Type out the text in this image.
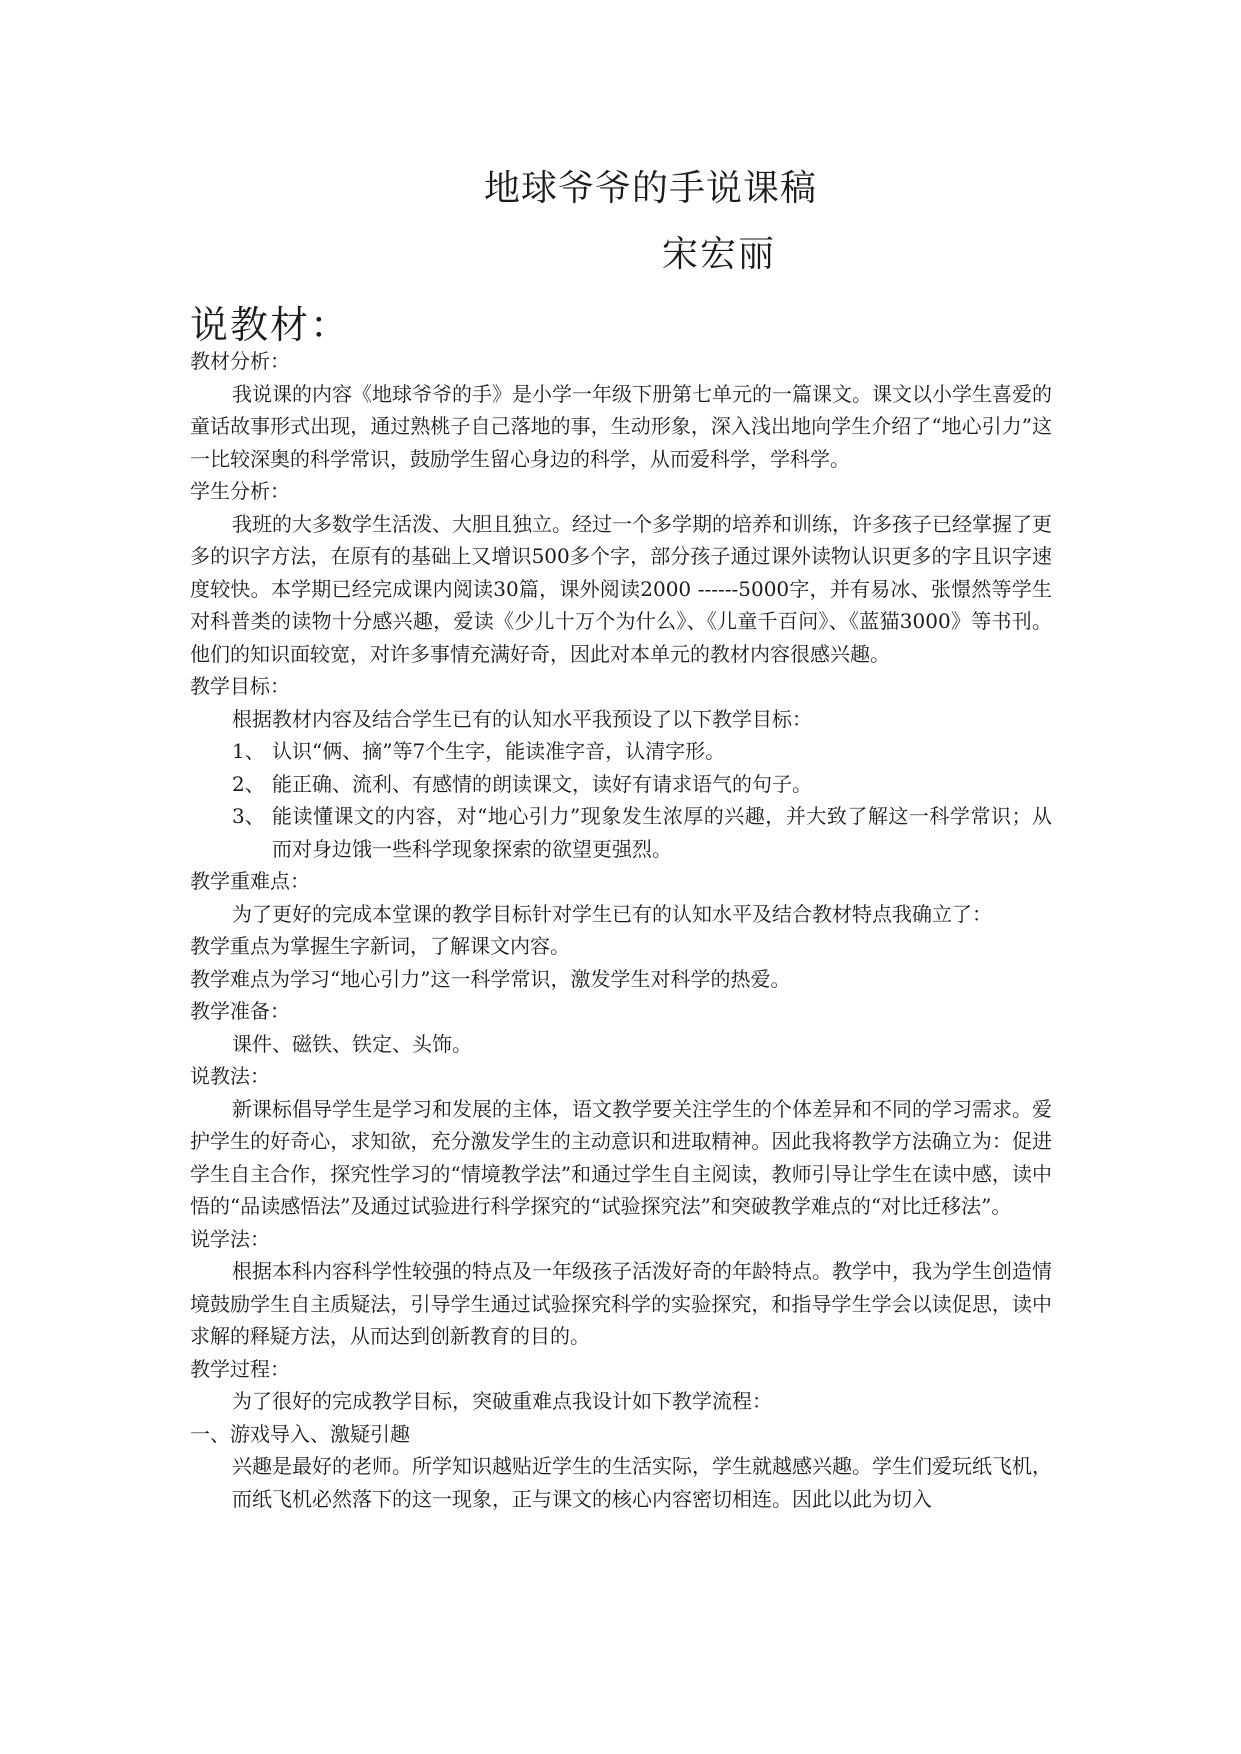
地球爷爷的手说课稿
宋宏丽
说教材：

教材分析：

我说课的内容《地球爷爷的手》是小学一年级下册第七单元的一篇课文。课文以小学生喜爱的童话故事形式出现，通过熟桃子自己落地的事，生动形象，深入浅出地向学生介绍了“地心引力”这一比较深奥的科学常识，鼓励学生留心身边的科学，从而爱科学，学科学。

学生分析：

我班的大多数学生活泼、大胆且独立。经过一个多学期的培养和训练，许多孩子已经掌握了更多的识字方法，在原有的基础上又增识500多个字，部分孩子通过课外读物认识更多的字且识字速度较快。本学期已经完成课内阅读30篇，课外阅读2000 ------5000字，并有易冰、张憬然等学生对科普类的读物十分感兴趣，爱读《少儿十万个为什么》、《儿童千百问》、《蓝猫3000》等书刊。他们的知识面较宽，对许多事情充满好奇，因此对本单元的教材内容很感兴趣。

教学目标：

根据教材内容及结合学生已有的认知水平我预设了以下教学目标：

1、 认识“俩、摘”等7个生字，能读准字音，认清字形。
2、 能正确、流利、有感情的朗读课文，读好有请求语气的句子。
3、 能读懂课文的内容，对“地心引力”现象发生浓厚的兴趣，并大致了解这一科学常识；从而对身边饿一些科学现象探索的欲望更强烈。

教学重难点：

为了更好的完成本堂课的教学目标针对学生已有的认知水平及结合教材特点我确立了：

教学重点为掌握生字新词，了解课文内容。

教学难点为学习“地心引力”这一科学常识，激发学生对科学的热爱。

教学准备：

课件、磁铁、铁定、头饰。

说教法：

新课标倡导学生是学习和发展的主体，语文教学要关注学生的个体差异和不同的学习需求。爱护学生的好奇心，求知欲，充分激发学生的主动意识和进取精神。因此我将教学方法确立为：促进学生自主合作，探究性学习的“情境教学法”和通过学生自主阅读，教师引导让学生在读中感，读中悟的“品读感悟法”及通过试验进行科学探究的“试验探究法”和突破教学难点的“对比迁移法”。

说学法：

根据本科内容科学性较强的特点及一年级孩子活泼好奇的年龄特点。教学中，我为学生创造情境鼓励学生自主质疑法，引导学生通过试验探究科学的实验探究，和指导学生学会以读促思，读中求解的释疑方法，从而达到创新教育的目的。

教学过程：

为了很好的完成教学目标，突破重难点我设计如下教学流程：

一、游戏导入、激疑引趣

兴趣是最好的老师。所学知识越贴近学生的生活实际，学生就越感兴趣。学生们爱玩纸飞机，而纸飞机必然落下的这一现象，正与课文的核心内容密切相连。因此以此为切入
